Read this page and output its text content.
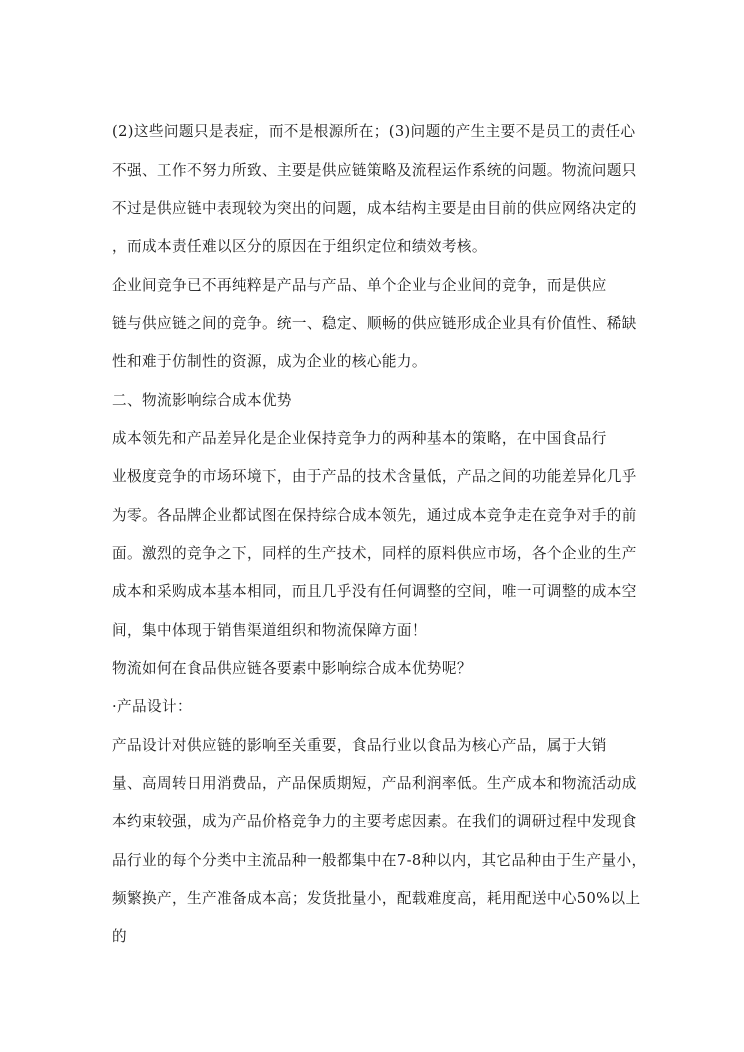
(2)这些问题只是表症，而不是根源所在；(3)问题的产生主要不是员工的责任心
不强、工作不努力所致、主要是供应链策略及流程运作系统的问题。物流问题只
不过是供应链中表现较为突出的问题，成本结构主要是由目前的供应网络决定的
，而成本责任难以区分的原因在于组织定位和绩效考核。
企业间竞争已不再纯粹是产品与产品、单个企业与企业间的竞争，而是供应
链与供应链之间的竞争。统一、稳定、顺畅的供应链形成企业具有价值性、稀缺
性和难于仿制性的资源，成为企业的核心能力。
二、物流影响综合成本优势
成本领先和产品差异化是企业保持竞争力的两种基本的策略，在中国食品行
业极度竞争的市场环境下，由于产品的技术含量低，产品之间的功能差异化几乎
为零。各品牌企业都试图在保持综合成本领先，通过成本竞争走在竞争对手的前
面。激烈的竞争之下，同样的生产技术，同样的原料供应市场，各个企业的生产
成本和采购成本基本相同，而且几乎没有任何调整的空间，唯一可调整的成本空
间，集中体现于销售渠道组织和物流保障方面！
物流如何在食品供应链各要素中影响综合成本优势呢？
·产品设计：
产品设计对供应链的影响至关重要，食品行业以食品为核心产品，属于大销
量、高周转日用消费品，产品保质期短，产品利润率低。生产成本和物流活动成
本约束较强，成为产品价格竞争力的主要考虑因素。在我们的调研过程中发现食
品行业的每个分类中主流品种一般都集中在7-8种以内，其它品种由于生产量小，
频繁换产，生产准备成本高；发货批量小，配载难度高，耗用配送中心50%以上
的
